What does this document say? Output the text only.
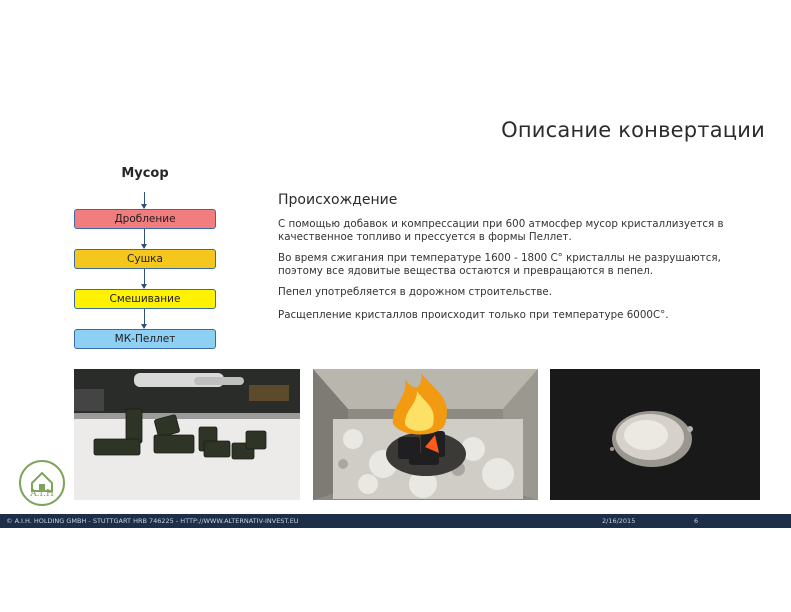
Описание конвертации
Мусор
Дробление
Сушка
Смешивание
МК-Пеллет
Происхождение

С помощью добавок и компрессации при 600 атмосфер мусор кристаллизуется в качественное топливо и прессуется в формы Пеллет.

Во время сжигания при температуре 1600 - 1800 С° кристаллы не разрушаются, поэтому все ядовитые вещества остаются и превращаются в пепел.

Пепел употребляется в дорожном строительстве.

Расщепление кристаллов происходит только при температуре 6000С°.

A.I.H
© A.I.H. HOLDING GMBH - STUTTGART HRB 746225 - HTTP://WWW.ALTERNATIV-INVEST.EU	2/16/2015	6
